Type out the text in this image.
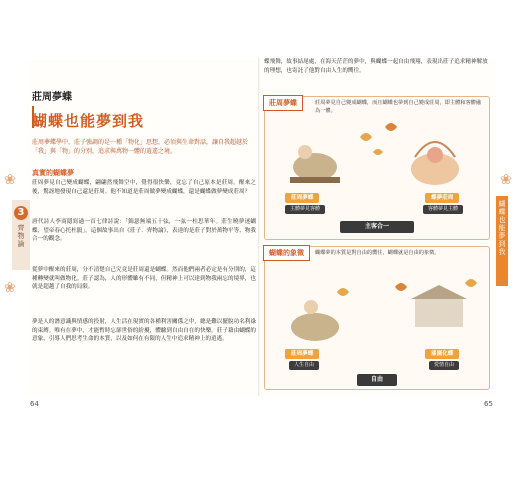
莊周夢蝶
蝴蝶也能夢到我
莊周夢蝶學中，莊子強調的是一種「物化」思想，必須與生命對話，讓自我超越於「我」與「物」的分別，追求與萬物一體的逍遙之境。
真實的蝴蝶夢
莊周夢見自己變成蝴蝶，翩翩然飛舞空中，覺得很快樂，竟忘了自己原本是莊周。醒來之後，驚訝地發現自己還是莊周。他不知道是莊周做夢變成蝴蝶，還是蝴蝶做夢變成莊周？
唐代詩人李商隱寫過一首七律詩說：「錦瑟無端五十弦，一弦一柱思華年。莊生曉夢迷蝴蝶，望帝春心托杜鵑」。這個故事出自《莊子．齊物論》，表達的是莊子對於萬物平等、物我合一的觀念。
從夢中醒來的莊周，分不清楚自己究竟是莊周還是蝴蝶。然而他們兩者必定是有分別的，這種轉變就叫做物化。莊子認為，人的形體雖有不同，但精神上可以達到物我兩忘的境界，也就是超越了自我的局限。
夢是人的潛意識與情感的投射，人生活在現實的各種利害關係之中，總是難以擺脫功名利祿的束縛。唯有在夢中，才能暫時忘卻世俗的紛擾，體驗到自由自在的快樂。莊子藉由蝴蝶的意象，引導人們思考生命的本質，以及如何在有限的人生中追求精神上的逍遙。
蝶飛舞，故事結尾處，在海天茫茫的夢中，與蝴蝶一起自由飛翔，表現出莊子追求精神解放的理想，也寄託了他對自由人生的嚮往。
莊周夢蝶	莊周夢見自己變成蝴蝶，而且蝴蝶也夢到自己變成莊周，即主體和客體融為一體。
莊周夢蝶	蝶夢莊周
主體夢見客體	客體夢見主體
主客合一
蝴蝶的象徵	蝴蝶夢的本質是對自由的嚮往，蝴蝶就是自由的象徵。
莊周夢蝶	漆園化蝶
人生自由	愛情自由
自由
❀
3
齊物論
❀
❀
蝴蝶也能夢到我
64	65
